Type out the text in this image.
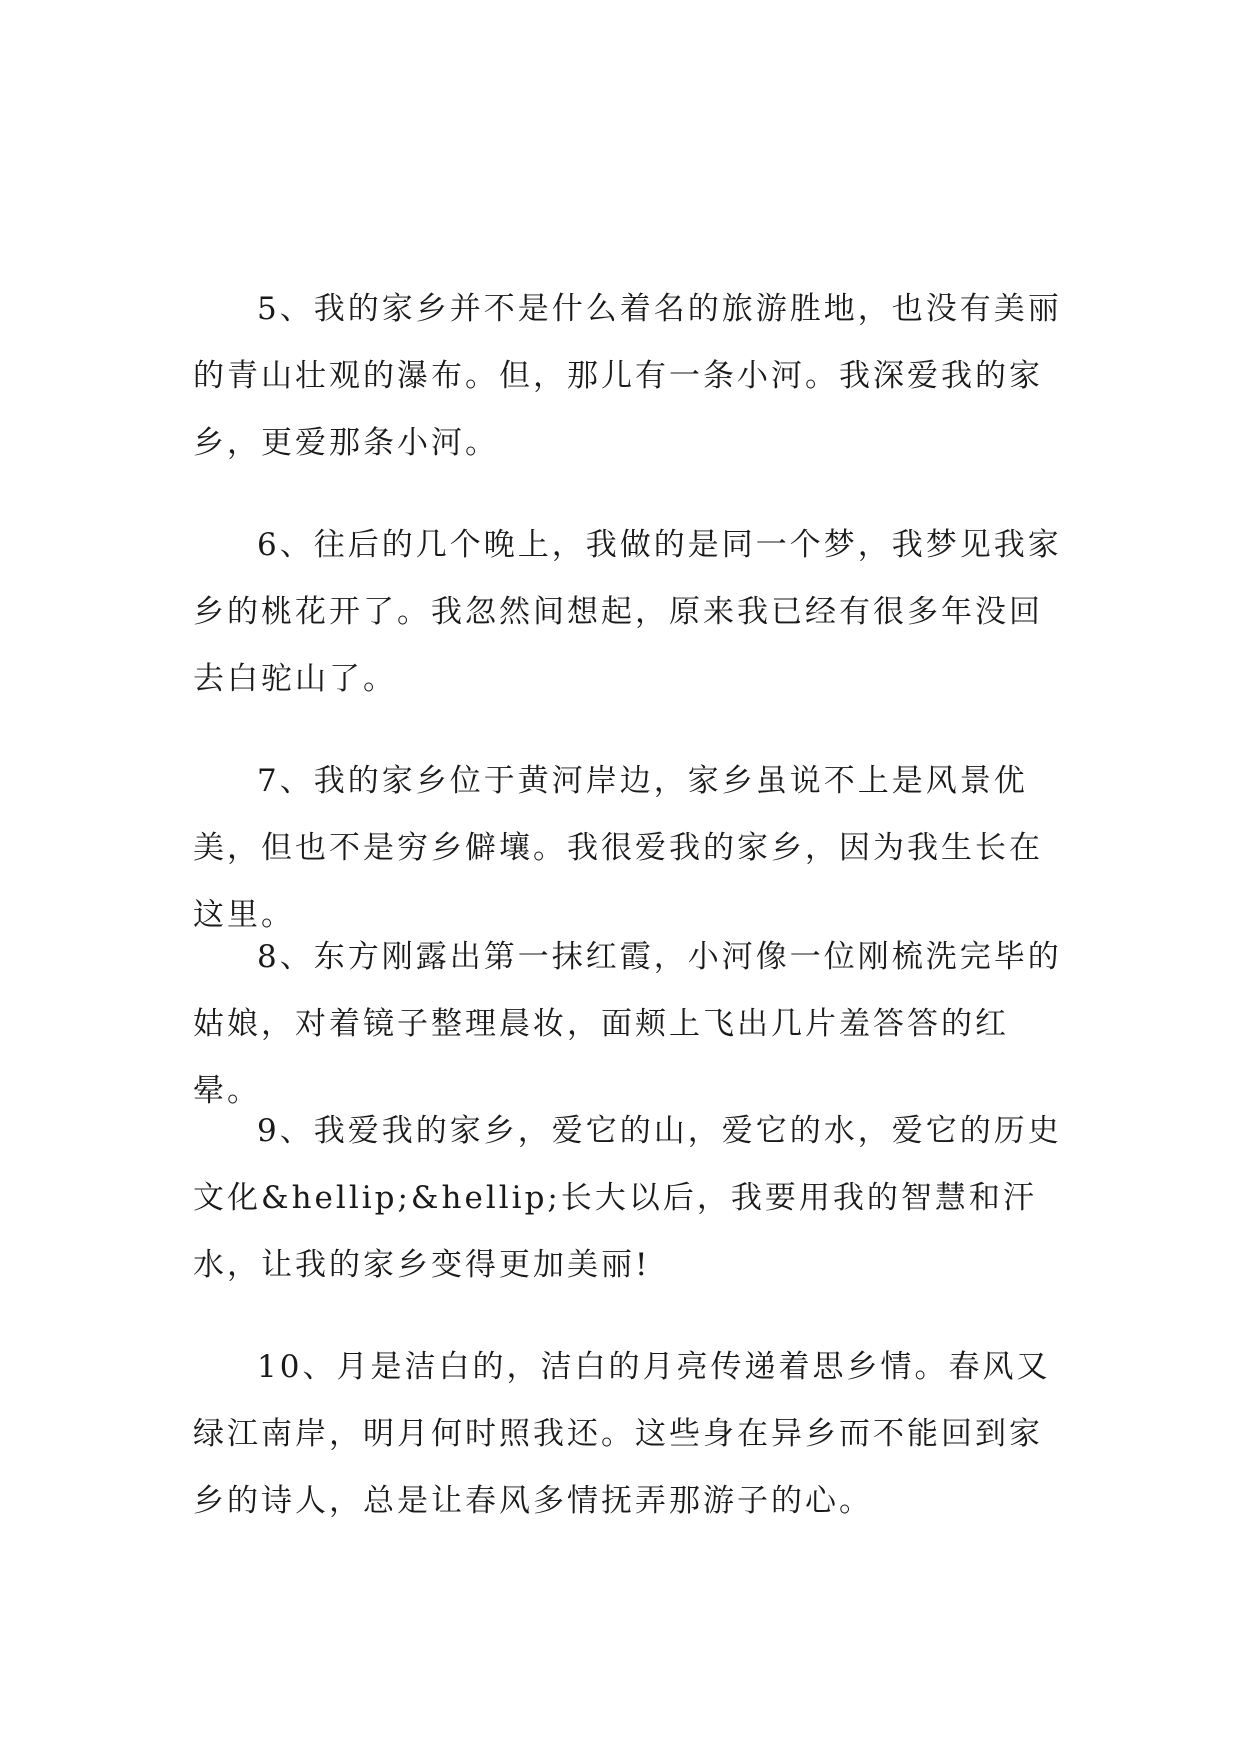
5、我的家乡并不是什么着名的旅游胜地，也没有美丽的青山壮观的瀑布。但，那儿有一条小河。我深爱我的家乡，更爱那条小河。

6、往后的几个晚上，我做的是同一个梦，我梦见我家乡的桃花开了。我忽然间想起，原来我已经有很多年没回去白驼山了。

7、我的家乡位于黄河岸边，家乡虽说不上是风景优美，但也不是穷乡僻壤。我很爱我的家乡，因为我生长在这里。

8、东方刚露出第一抹红霞，小河像一位刚梳洗完毕的姑娘，对着镜子整理晨妆，面颊上飞出几片羞答答的红晕。

9、我爱我的家乡，爱它的山，爱它的水，爱它的历史文化&hellip;&hellip;长大以后，我要用我的智慧和汗水，让我的家乡变得更加美丽!

10、月是洁白的，洁白的月亮传递着思乡情。春风又绿江南岸，明月何时照我还。这些身在异乡而不能回到家乡的诗人，总是让春风多情抚弄那游子的心。
